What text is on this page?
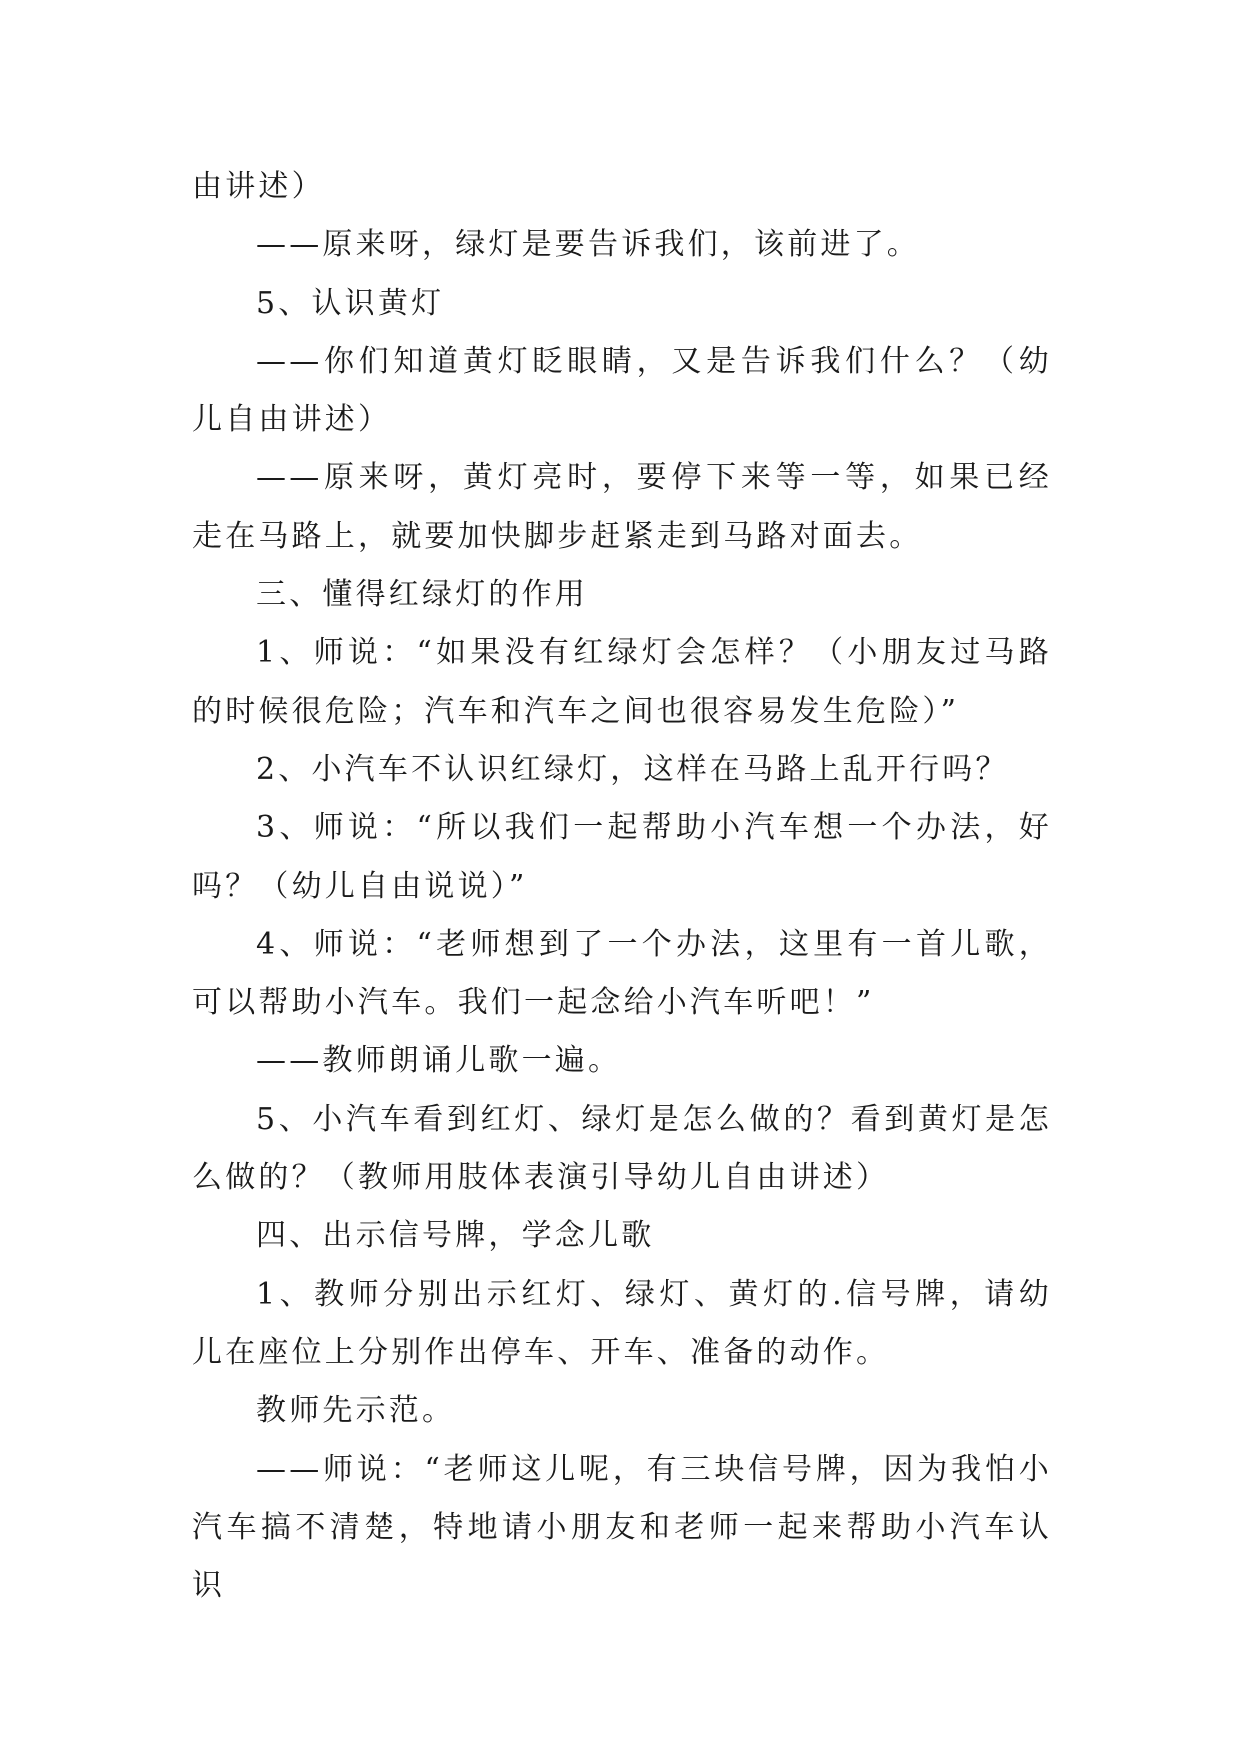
由讲述）

——原来呀，绿灯是要告诉我们，该前进了。

5、认识黄灯

——你们知道黄灯眨眼睛，又是告诉我们什么？（幼儿自由讲述）

——原来呀，黄灯亮时，要停下来等一等，如果已经走在马路上，就要加快脚步赶紧走到马路对面去。

三、懂得红绿灯的作用

1、师说：“如果没有红绿灯会怎样？（小朋友过马路的时候很危险；汽车和汽车之间也很容易发生危险）”

2、小汽车不认识红绿灯，这样在马路上乱开行吗？

3、师说：“所以我们一起帮助小汽车想一个办法，好吗？（幼儿自由说说）”

4、师说：“老师想到了一个办法，这里有一首儿歌，可以帮助小汽车。我们一起念给小汽车听吧！”

——教师朗诵儿歌一遍。

5、小汽车看到红灯、绿灯是怎么做的？看到黄灯是怎么做的？（教师用肢体表演引导幼儿自由讲述）

四、出示信号牌，学念儿歌

1、教师分别出示红灯、绿灯、黄灯的.信号牌，请幼儿在座位上分别作出停车、开车、准备的动作。

教师先示范。

——师说：“老师这儿呢，有三块信号牌，因为我怕小汽车搞不清楚，特地请小朋友和老师一起来帮助小汽车认识
